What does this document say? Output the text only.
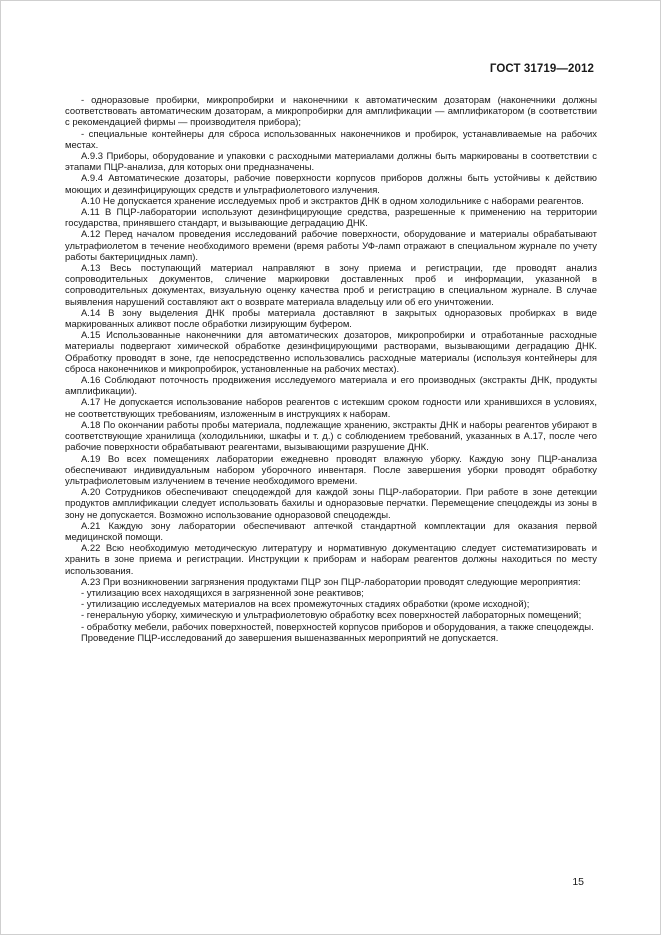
ГОСТ 31719—2012

- одноразовые пробирки, микропробирки и наконечники к автоматическим дозаторам (наконечники должны соответствовать автоматическим дозаторам, а микропробирки для амплификации — амплификатором (в соответствии с рекомендацией фирмы — производителя прибора);

- специальные контейнеры для сброса использованных наконечников и пробирок, устанавливаемые на рабочих местах.

А.9.3 Приборы, оборудование и упаковки с расходными материалами должны быть маркированы в соответствии с этапами ПЦР-анализа, для которых они предназначены.

А.9.4 Автоматические дозаторы, рабочие поверхности корпусов приборов должны быть устойчивы к действию моющих и дезинфицирующих средств и ультрафиолетового излучения.

А.10 Не допускается хранение исследуемых проб и экстрактов ДНК в одном холодильнике с наборами реагентов.

А.11 В ПЦР-лаборатории используют дезинфицирующие средства, разрешенные к применению на территории государства, принявшего стандарт, и вызывающие деградацию ДНК.

А.12 Перед началом проведения исследований рабочие поверхности, оборудование и материалы обрабатывают ультрафиолетом в течение необходимого времени (время работы УФ-ламп отражают в специальном журнале по учету работы бактерицидных ламп).

А.13 Весь поступающий материал направляют в зону приема и регистрации, где проводят анализ сопроводительных документов, сличение маркировки доставленных проб и информации, указанной в сопроводительных документах, визуальную оценку качества проб и регистрацию в специальном журнале. В случае выявления нарушений составляют акт о возврате материала владельцу или об его уничтожении.

А.14 В зону выделения ДНК пробы материала доставляют в закрытых одноразовых пробирках в виде маркированных аликвот после обработки лизирующим буфером.

А.15 Использованные наконечники для автоматических дозаторов, микропробирки и отработанные расходные материалы подвергают химической обработке дезинфицирующими растворами, вызывающими деградацию ДНК. Обработку проводят в зоне, где непосредственно использовались расходные материалы (используя контейнеры для сброса наконечников и микропробирок, установленные на рабочих местах).

А.16 Соблюдают поточность продвижения исследуемого материала и его производных (экстракты ДНК, продукты амплификации).

А.17 Не допускается использование наборов реагентов с истекшим сроком годности или хранившихся в условиях, не соответствующих требованиям, изложенным в инструкциях к наборам.

А.18 По окончании работы пробы материала, подлежащие хранению, экстракты ДНК и наборы реагентов убирают в соответствующие хранилища (холодильники, шкафы и т. д.) с соблюдением требований, указанных в А.17, после чего рабочие поверхности обрабатывают реагентами, вызывающими разрушение ДНК.

А.19 Во всех помещениях лаборатории ежедневно проводят влажную уборку. Каждую зону ПЦР-анализа обеспечивают индивидуальным набором уборочного инвентаря. После завершения уборки проводят обработку ультрафиолетовым излучением в течение необходимого времени.

А.20 Сотрудников обеспечивают спецодеждой для каждой зоны ПЦР-лаборатории. При работе в зоне детекции продуктов амплификации следует использовать бахилы и одноразовые перчатки. Перемещение спецодежды из зоны в зону не допускается. Возможно использование одноразовой спецодежды.

А.21 Каждую зону лаборатории обеспечивают аптечкой стандартной комплектации для оказания первой медицинской помощи.

А.22 Всю необходимую методическую литературу и нормативную документацию следует систематизировать и хранить в зоне приема и регистрации. Инструкции к приборам и наборам реагентов должны находиться по месту использования.

А.23 При возникновении загрязнения продуктами ПЦР зон ПЦР-лаборатории проводят следующие мероприятия:

- утилизацию всех находящихся в загрязненной зоне реактивов;

- утилизацию исследуемых материалов на всех промежуточных стадиях обработки (кроме исходной);

- генеральную уборку, химическую и ультрафиолетовую обработку всех поверхностей лабораторных помещений;

- обработку мебели, рабочих поверхностей, поверхностей корпусов приборов и оборудования, а также спецодежды.

Проведение ПЦР-исследований до завершения вышеназванных мероприятий не допускается.

15
